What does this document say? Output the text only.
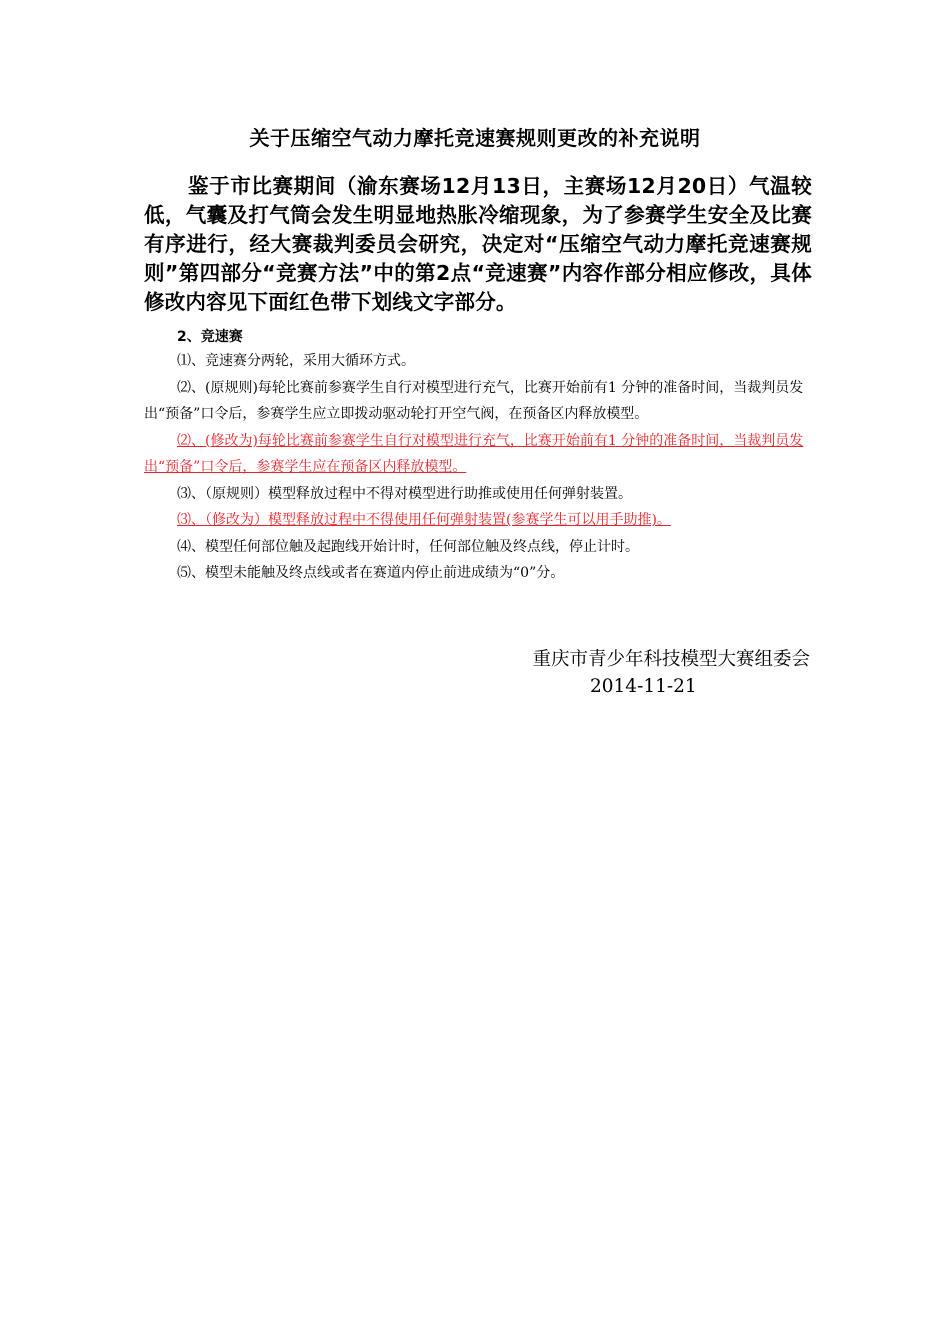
关于压缩空气动力摩托竞速赛规则更改的补充说明
鉴于市比赛期间（渝东赛场12月13日，主赛场12月20日）气温较低，气囊及打气筒会发生明显地热胀冷缩现象，为了参赛学生安全及比赛有序进行，经大赛裁判委员会研究，决定对“压缩空气动力摩托竞速赛规则”第四部分“竞赛方法”中的第2点“竞速赛”内容作部分相应修改，具体修改内容见下面红色带下划线文字部分。
2、竞速赛
⑴、竞速赛分两轮，采用大循环方式。
⑵、(原规则)每轮比赛前参赛学生自行对模型进行充气，比赛开始前有1 分钟的准备时间，当裁判员发出“预备”口令后，参赛学生应立即拨动驱动轮打开空气阀，在预备区内释放模型。
⑵、(修改为)每轮比赛前参赛学生自行对模型进行充气，比赛开始前有1 分钟的准备时间，当裁判员发出“预备”口令后，参赛学生应在预备区内释放模型。
⑶、（原规则）模型释放过程中不得对模型进行助推或使用任何弹射装置。
⑶、（修改为）模型释放过程中不得使用任何弹射装置(参赛学生可以用手助推)。
⑷、模型任何部位触及起跑线开始计时，任何部位触及终点线，停止计时。
⑸、模型未能触及终点线或者在赛道内停止前进成绩为“0”分。
重庆市青少年科技模型大赛组委会
2014-11-21
